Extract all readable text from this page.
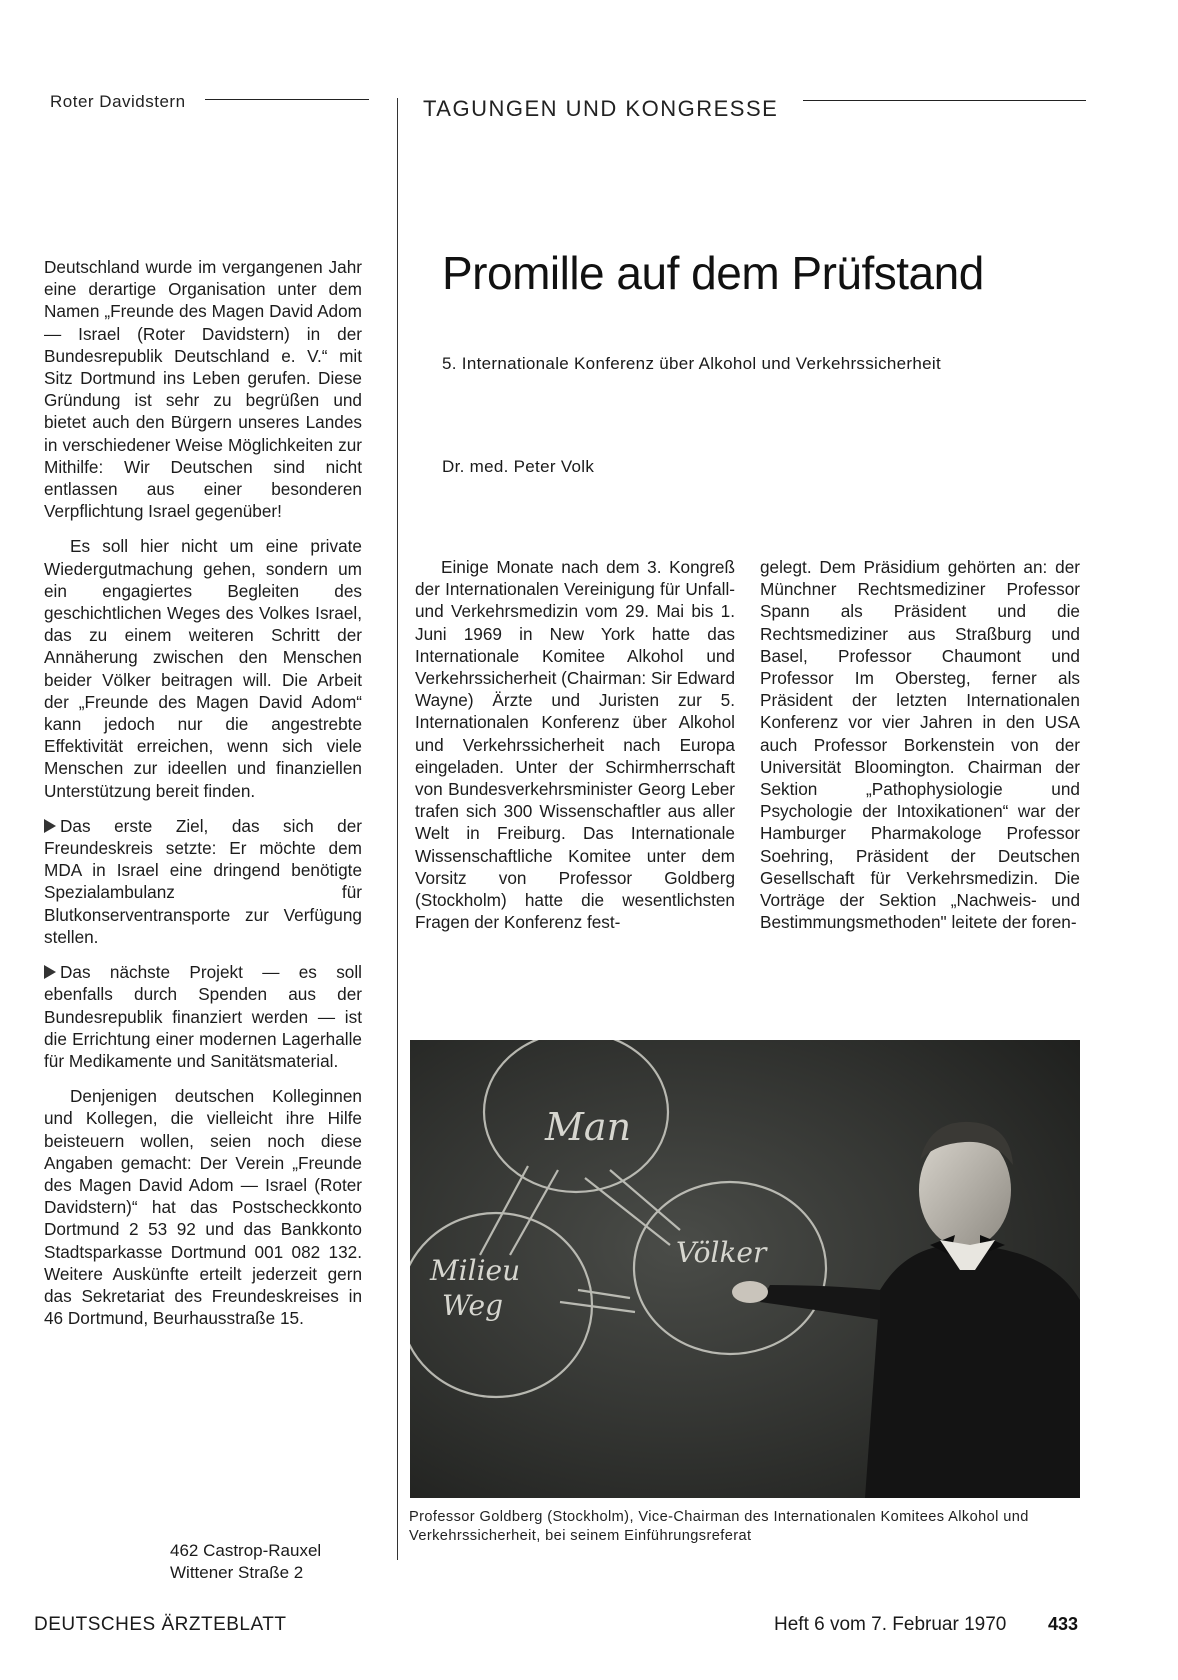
Roter Davidstern	TAGUNGEN UND KONGRESSE
Promille auf dem Prüfstand
5. Internationale Konferenz über Alkohol und Verkehrssicherheit
Dr. med. Peter Volk

Deutschland wurde im vergangenen Jahr eine derartige Organisation unter dem Namen „Freunde des Magen David Adom — Israel (Roter Davidstern) in der Bundesrepublik Deutschland e. V.“ mit Sitz Dortmund ins Leben gerufen. Diese Gründung ist sehr zu begrüßen und bietet auch den Bürgern unseres Landes in verschiedener Weise Möglichkeiten zur Mithilfe: Wir Deutschen sind nicht entlassen aus einer besonderen Verpflichtung Israel gegenüber!

Es soll hier nicht um eine private Wiedergutmachung gehen, sondern um ein engagiertes Begleiten des geschichtlichen Weges des Volkes Israel, das zu einem weiteren Schritt der Annäherung zwischen den Menschen beider Völker beitragen will. Die Arbeit der „Freunde des Magen David Adom“ kann jedoch nur die angestrebte Effektivität erreichen, wenn sich viele Menschen zur ideellen und finanziellen Unterstützung bereit finden.

Das erste Ziel, das sich der Freundeskreis setzte: Er möchte dem MDA in Israel eine dringend benötigte Spezialambulanz für Blutkonserventransporte zur Verfügung stellen.

Das nächste Projekt — es soll ebenfalls durch Spenden aus der Bundesrepublik finanziert werden — ist die Errichtung einer modernen Lagerhalle für Medikamente und Sanitätsmaterial.

Denjenigen deutschen Kolleginnen und Kollegen, die vielleicht ihre Hilfe beisteuern wollen, seien noch diese Angaben gemacht: Der Verein „Freunde des Magen David Adom — Israel (Roter Davidstern)“ hat das Postscheckkonto Dortmund 2 53 92 und das Bankkonto Stadtsparkasse Dortmund 001 082 132. Weitere Auskünfte erteilt jederzeit gern das Sekretariat des Freundeskreises in 46 Dortmund, Beurhausstraße 15.

462 Castrop-Rauxel
Wittener Straße 2

Einige Monate nach dem 3. Kongreß der Internationalen Vereinigung für Unfall- und Verkehrsmedizin vom 29. Mai bis 1. Juni 1969 in New York hatte das Internationale Komitee Alkohol und Verkehrssicherheit (Chairman: Sir Edward Wayne) Ärzte und Juristen zur 5. Internationalen Konferenz über Alkohol und Verkehrssicherheit nach Europa eingeladen. Unter der Schirmherrschaft von Bundesverkehrsminister Georg Leber trafen sich 300 Wissenschaftler aus aller Welt in Freiburg. Das Internationale Wissenschaftliche Komitee unter dem Vorsitz von Professor Goldberg (Stockholm) hatte die wesentlichsten Fragen der Konferenz fest-

gelegt. Dem Präsidium gehörten an: der Münchner Rechtsmediziner Professor Spann als Präsident und die Rechtsmediziner aus Straßburg und Basel, Professor Chaumont und Professor Im Obersteg, ferner als Präsident der letzten Internationalen Konferenz vor vier Jahren in den USA auch Professor Borkenstein von der Universität Bloomington. Chairman der Sektion „Pathophysiologie und Psychologie der Intoxikationen“ war der Hamburger Pharmakologe Professor Soehring, Präsident der Deutschen Gesellschaft für Verkehrsmedizin. Die Vorträge der Sektion „Nachweis- und Bestimmungsmethoden" leitete der foren-

Man
Milieu
Weg
Völker
Professor Goldberg (Stockholm), Vice-Chairman des Internationalen Komitees Alkohol und Verkehrssicherheit, bei seinem Einführungsreferat
DEUTSCHES ÄRZTEBLATT	Heft 6 vom 7. Februar 1970 433
